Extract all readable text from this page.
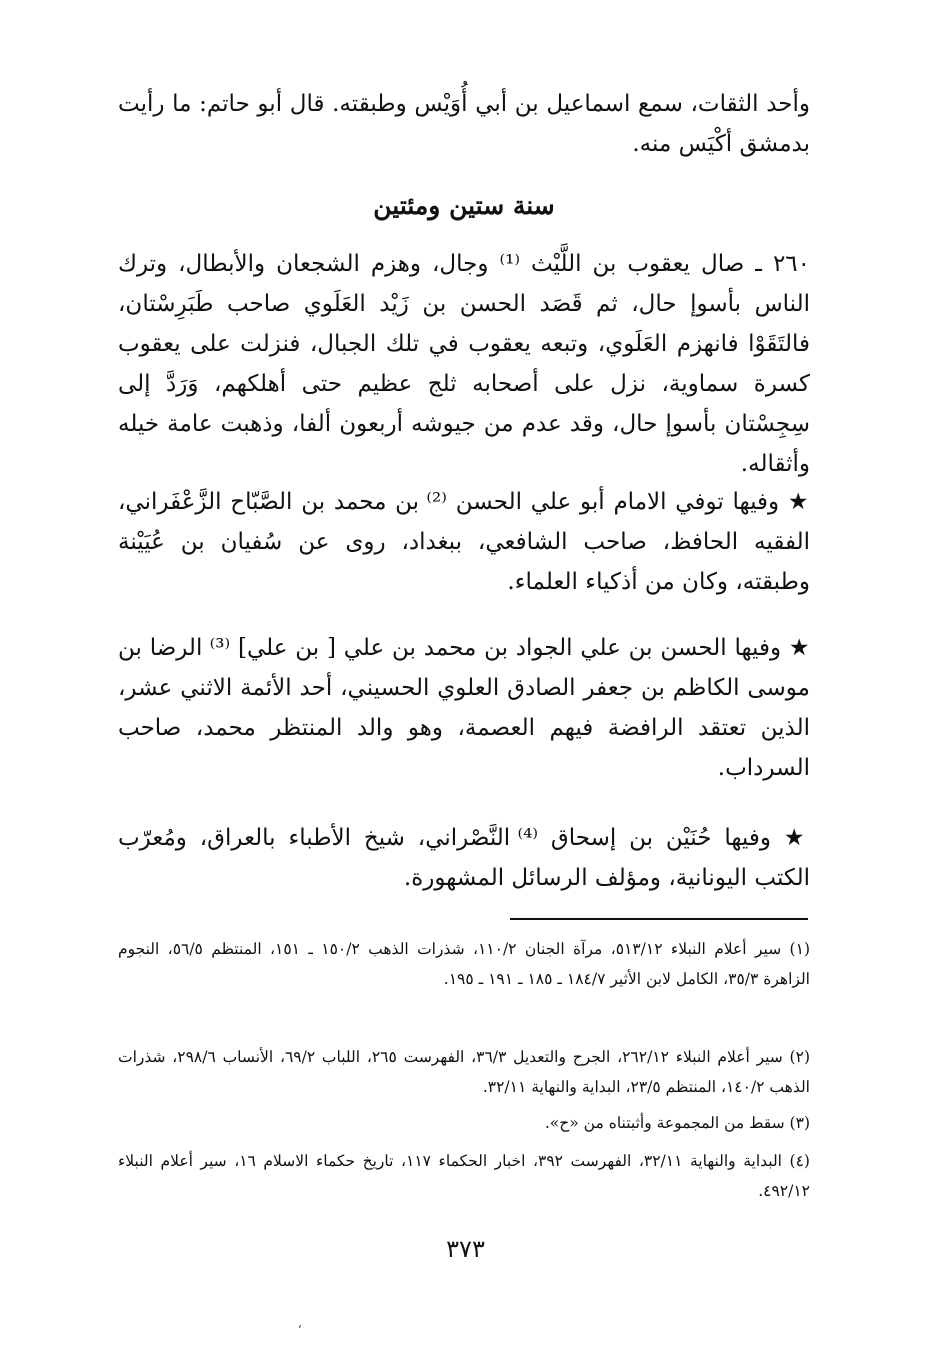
وأحد الثقات، سمع اسماعيل بن أبي أُوَيْس وطبقته. قال أبو حاتم: ما رأيت بدمشق أكْيَس منه.

سنة ستين ومئتين

٢٦٠ ـ صال يعقوب بن اللَّيْث ⁽¹⁾ وجال، وهزم الشجعان والأبطال، وترك الناس بأسوإ حال، ثم قَصَد الحسن بن زَيْد العَلَوي صاحب طَبَرِسْتان، فالتَقَوْا فانهزم العَلَوي، وتبعه يعقوب في تلك الجبال، فنزلت على يعقوب كسرة سماوية، نزل على أصحابه ثلج عظيم حتى أهلكهم، وَرَدَّ إلى سِجِسْتان بأسوإ حال، وقد عدم من جيوشه أربعون ألفا، وذهبت عامة خيله وأثقاله.

★ وفيها توفي الامام أبو علي الحسن ⁽²⁾ بن محمد بن الصَّبّاح الزَّعْفَراني، الفقيه الحافظ، صاحب الشافعي، ببغداد، روى عن سُفيان بن عُيَيْنة وطبقته، وكان من أذكياء العلماء.

★ وفيها الحسن بن علي الجواد بن محمد بن علي [ بن علي] ⁽³⁾ الرضا بن موسى الكاظم بن جعفر الصادق العلوي الحسيني، أحد الأئمة الاثني عشر، الذين تعتقد الرافضة فيهم العصمة، وهو والد المنتظر محمد، صاحب السرداب.

★ وفيها حُنَيْن بن إسحاق ⁽⁴⁾ النَّصْراني، شيخ الأطباء بالعراق، ومُعرّب الكتب اليونانية، ومؤلف الرسائل المشهورة.

(١) سير أعلام النبلاء ٥١٣/١٢، مرآة الجنان ١١٠/٢، شذرات الذهب ١٥٠/٢ ـ ١٥١، المنتظم ٥٦/٥، النجوم الزاهرة ٣٥/٣، الكامل لابن الأثير ١٨٤/٧ ـ ١٨٥ ـ ١٩١ ـ ١٩٥.

(٢) سير أعلام النبلاء ٢٦٢/١٢، الجرح والتعديل ٣٦/٣، الفهرست ٢٦٥، اللباب ٦٩/٢، الأنساب ٢٩٨/٦، شذرات الذهب ١٤٠/٢، المنتظم ٢٣/٥، البداية والنهاية ٣٢/١١.

(٣) سقط من المجموعة وأثبتناه من «ح».

(٤) البداية والنهاية ٣٢/١١، الفهرست ٣٩٢، اخبار الحكماء ١١٧، تاريخ حكماء الاسلام ١٦، سير أعلام النبلاء ٤٩٢/١٢.

٣٧٣
٬
